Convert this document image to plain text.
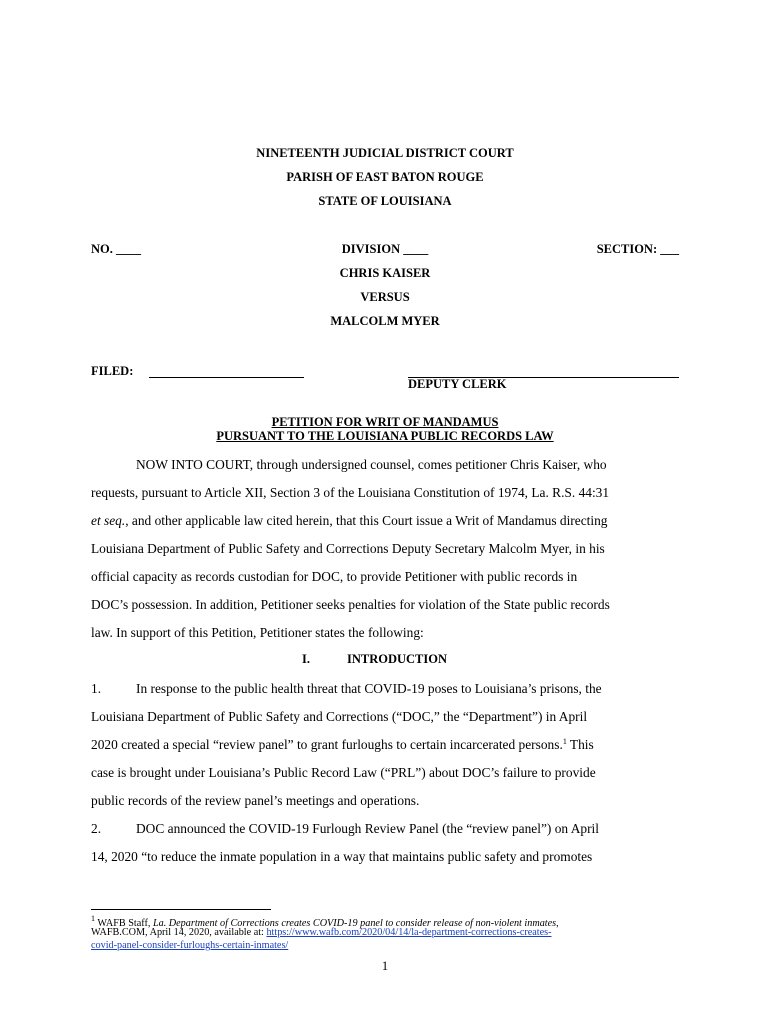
NINETEENTH JUDICIAL DISTRICT COURT
PARISH OF EAST BATON ROUGE
STATE OF LOUISIANA
NO. ____	DIVISION ____	SECTION: ___
CHRIS KAISER
VERSUS
MALCOLM MYER
FILED:
DEPUTY CLERK
PETITION FOR WRIT OF MANDAMUS
PURSUANT TO THE LOUISIANA PUBLIC RECORDS LAW
NOW INTO COURT, through undersigned counsel, comes petitioner Chris Kaiser, who
requests, pursuant to Article XII, Section 3 of the Louisiana Constitution of 1974, La. R.S. 44:31
et seq., and other applicable law cited herein, that this Court issue a Writ of Mandamus directing
Louisiana Department of Public Safety and Corrections Deputy Secretary Malcolm Myer, in his
official capacity as records custodian for DOC, to provide Petitioner with public records in
DOC’s possession. In addition, Petitioner seeks penalties for violation of the State public records
law. In support of this Petition, Petitioner states the following:
I.	INTRODUCTION
1.	In response to the public health threat that COVID-19 poses to Louisiana’s prisons, the
Louisiana Department of Public Safety and Corrections (“DOC,” the “Department”) in April
2020 created a special “review panel” to grant furloughs to certain incarcerated persons.$^1$ This
case is brought under Louisiana’s Public Record Law (“PRL”) about DOC’s failure to provide
public records of the review panel’s meetings and operations.
2.	DOC announced the COVID-19 Furlough Review Panel (the “review panel”) on April
14, 2020 “to reduce the inmate population in a way that maintains public safety and promotes
$^1$ WAFB Staff, La. Department of Corrections creates COVID-19 panel to consider release of non-violent inmates,
WAFB.COM, April 14, 2020, available at: https://www.wafb.com/2020/04/14/la-department-corrections-creates-
covid-panel-consider-furloughs-certain-inmates/
1
